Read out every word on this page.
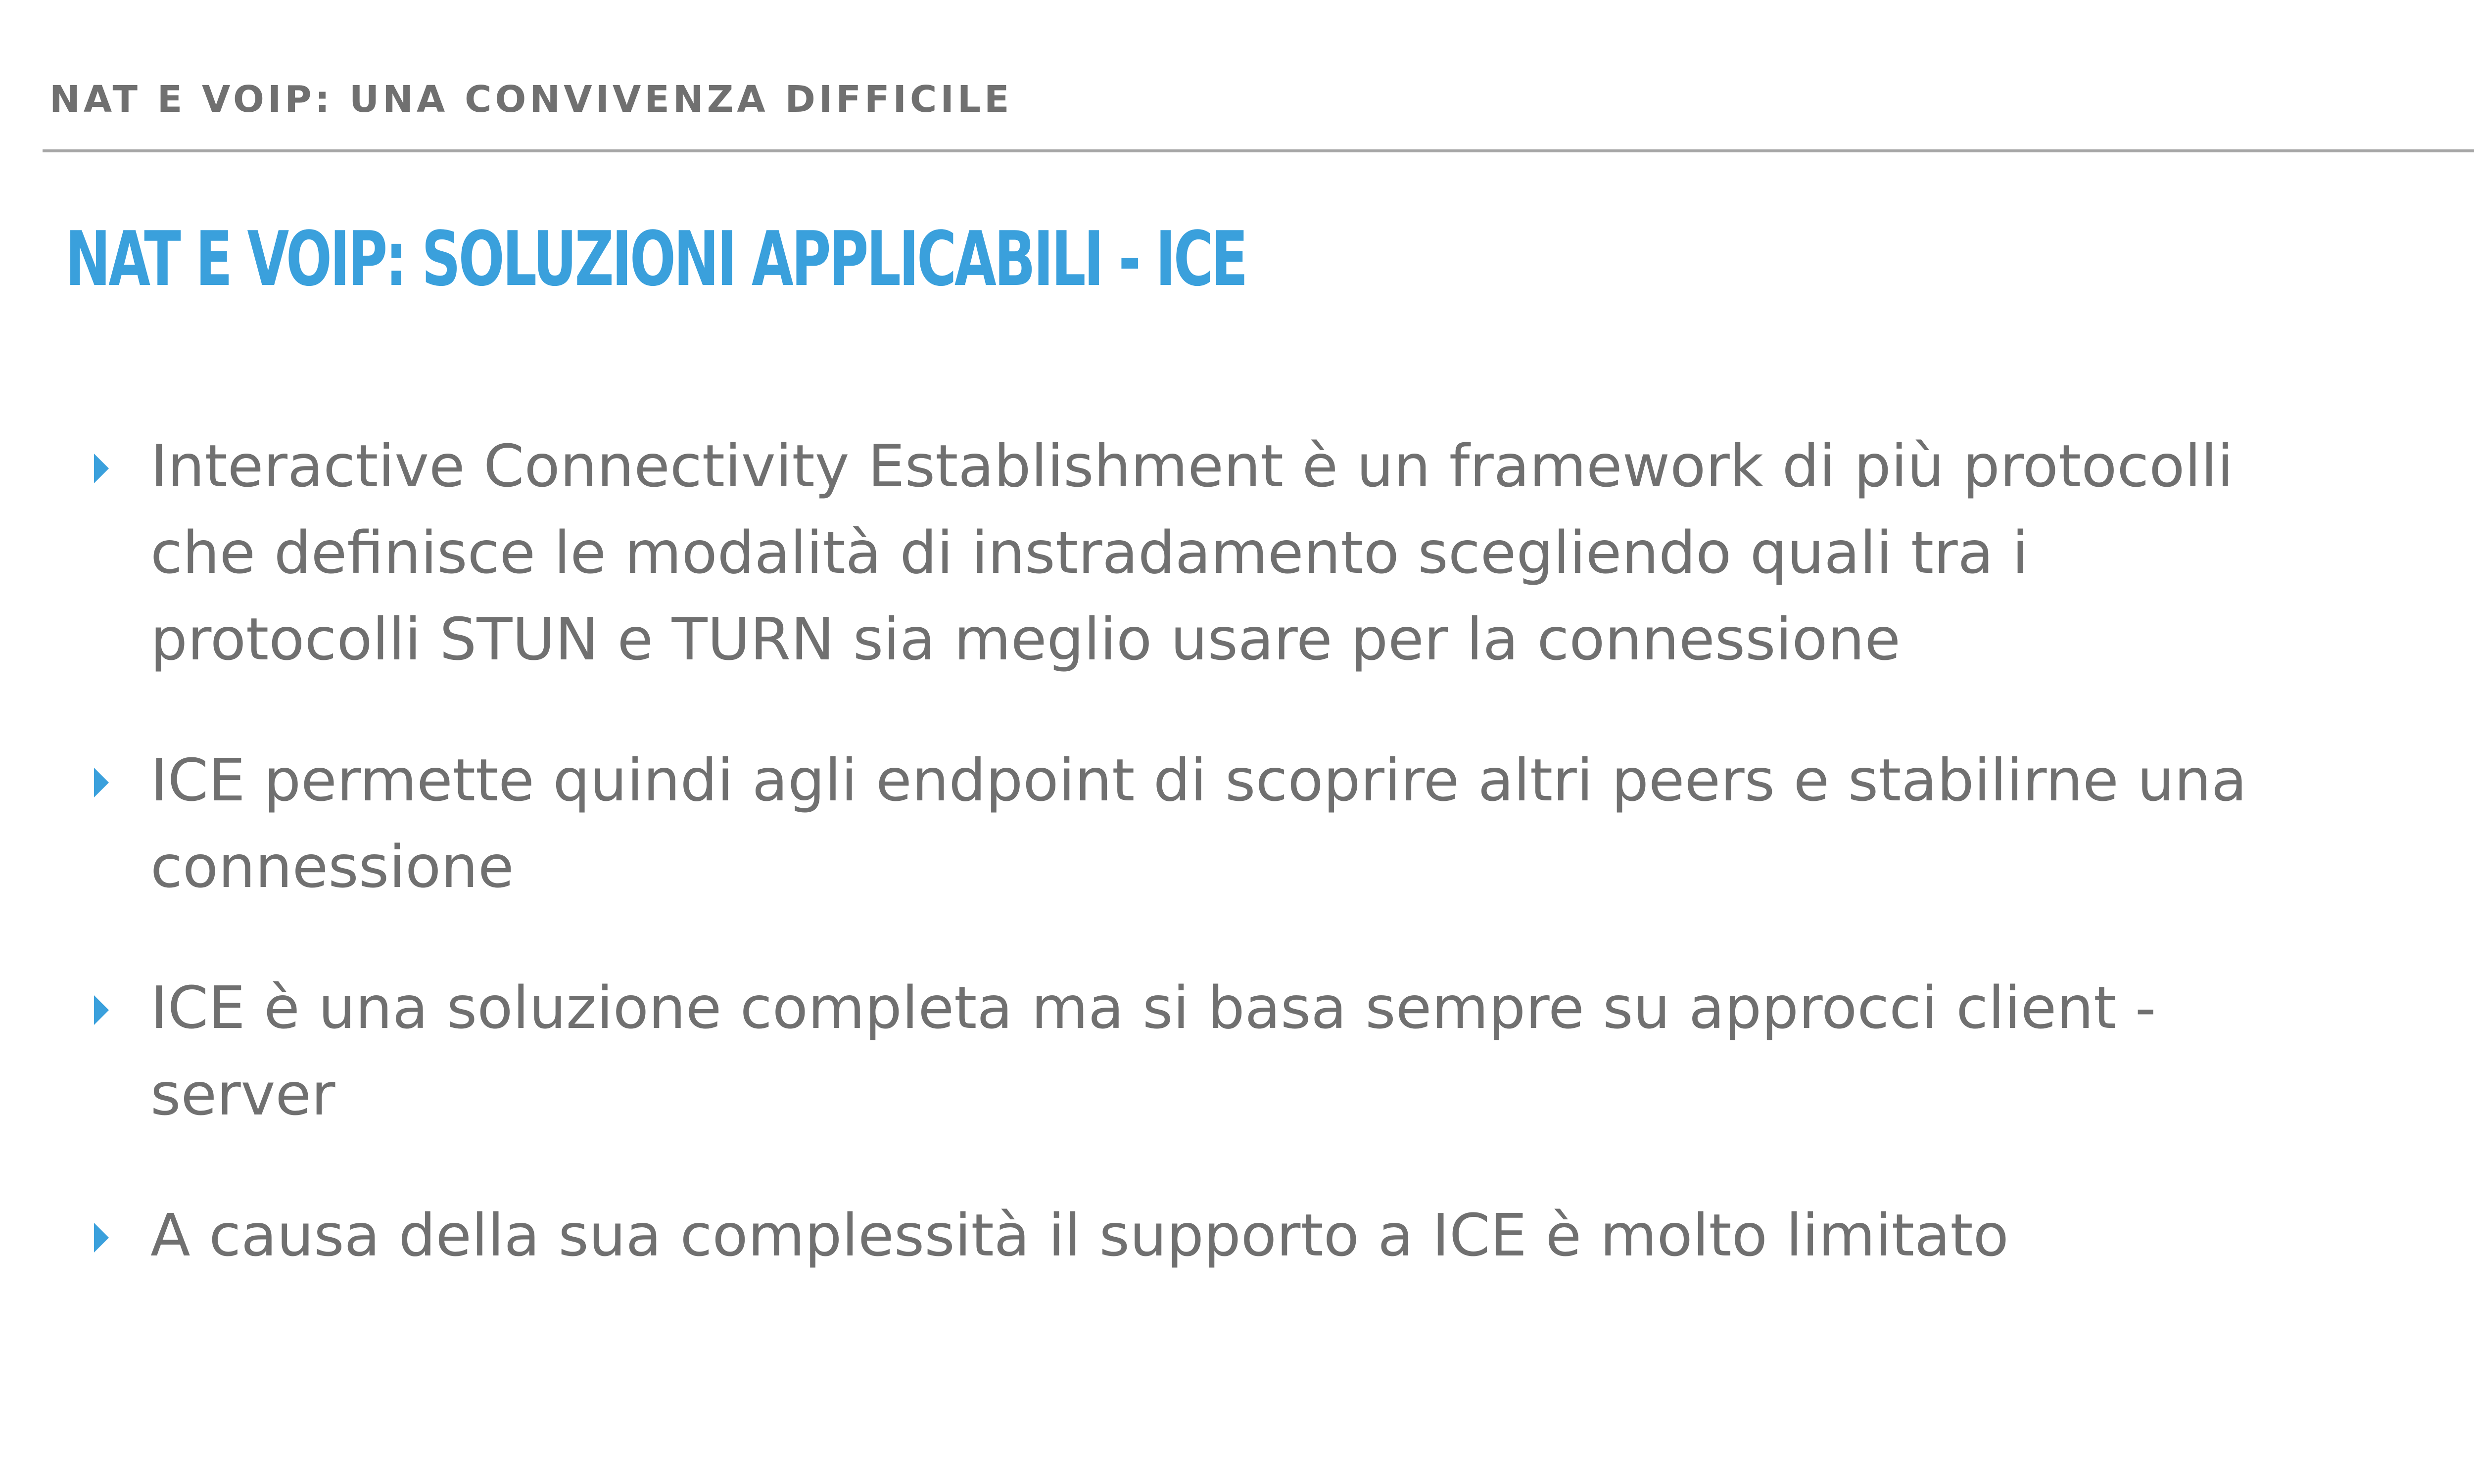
NAT E VOIP: UNA CONVIVENZA DIFFICILE
NAT E VOIP: SOLUZIONI APPLICABILI - ICE
Interactive Connectivity Establishment è un framework di più protocolli che definisce le modalità di instradamento scegliendo quali tra i protocolli STUN e TURN sia meglio usare per la connessione
ICE permette quindi agli endpoint di scoprire altri peers e stabilirne una connessione
ICE è una soluzione completa ma si basa sempre su approcci client - server
A causa della sua complessità il supporto a ICE è molto limitato
